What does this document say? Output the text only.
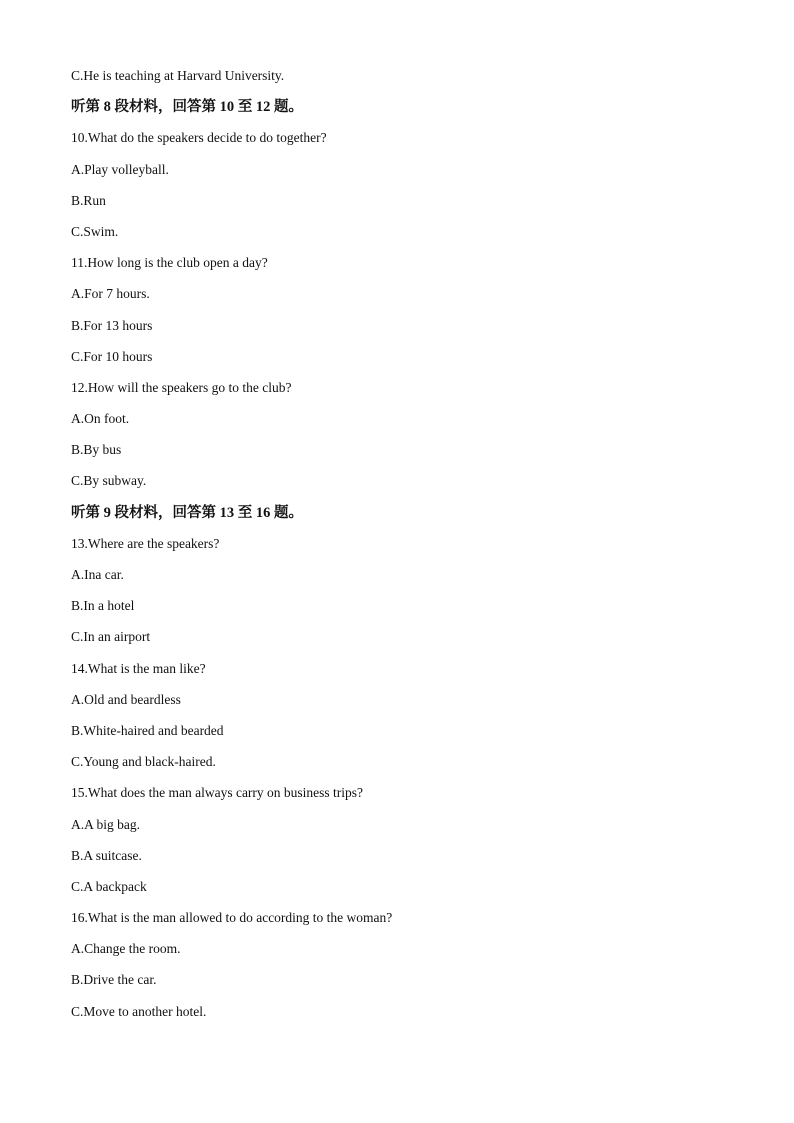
C.He is teaching at Harvard University.
听第 8 段材料，回答第 10 至 12 题。
10.What do the speakers decide to do together?
A.Play volleyball.
B.Run
C.Swim.
11.How long is the club open a day?
A.For 7 hours.
B.For 13 hours
C.For 10 hours
12.How will the speakers go to the club?
A.On foot.
B.By bus
C.By subway.
听第 9 段材料，回答第 13 至 16 题。
13.Where are the speakers?
A.Ina car.
B.In a hotel
C.In an airport
14.What is the man like?
A.Old and beardless
B.White-haired and bearded
C.Young and black-haired.
15.What does the man always carry on business trips?
A.A big bag.
B.A suitcase.
C.A backpack
16.What is the man allowed to do according to the woman?
A.Change the room.
B.Drive the car.
C.Move to another hotel.
